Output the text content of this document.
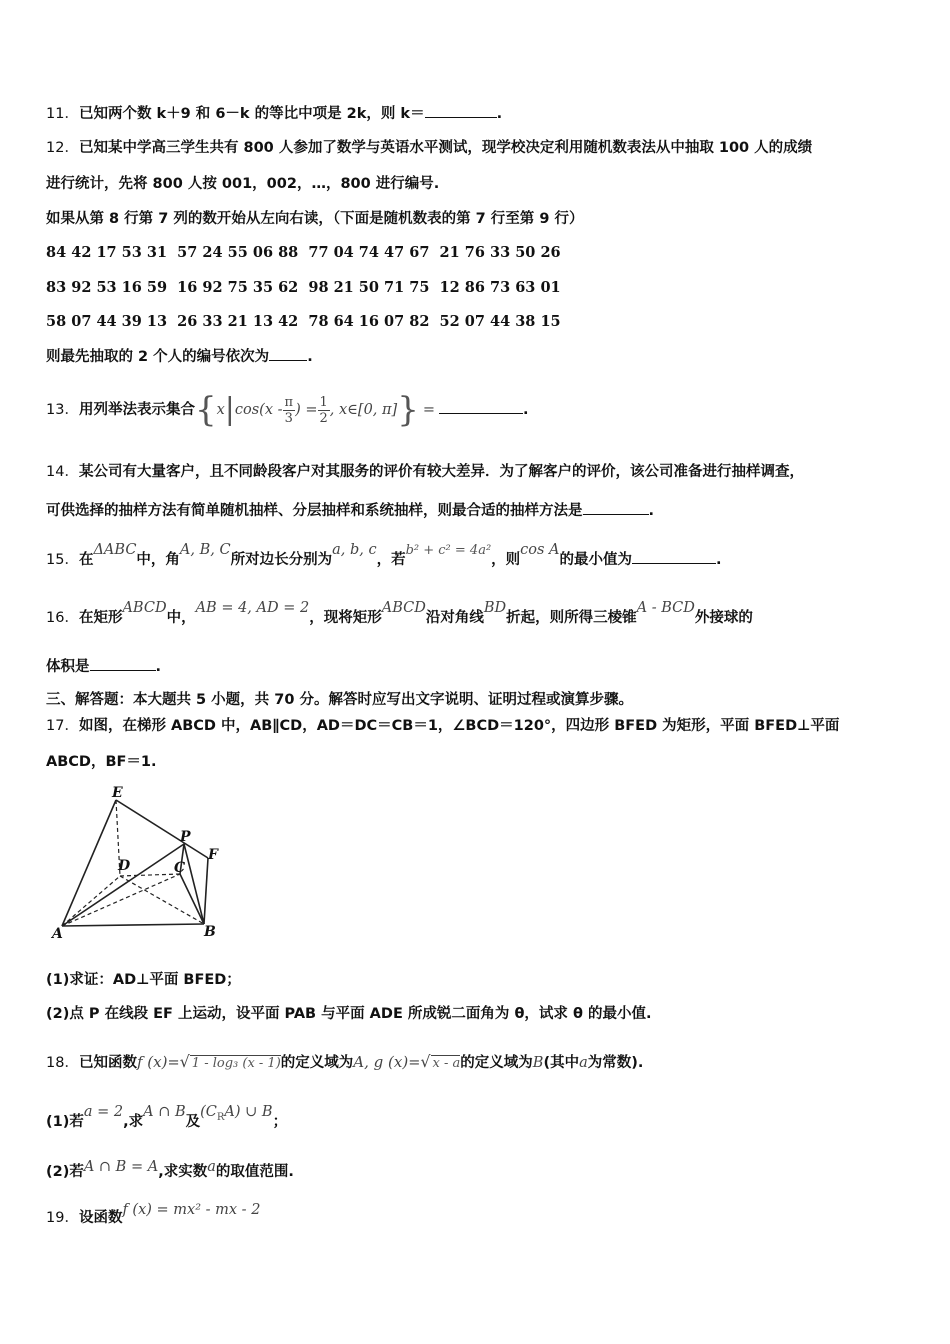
11．已知两个数 k＋9 和 6－k 的等比中项是 2k，则 k＝	.
12．已知某中学高三学生共有 800 人参加了数学与英语水平测试，现学校决定利用随机数表法从中抽取 100 人的成绩
进行统计，先将 800 人按 001，002，…，800 进行编号.
如果从第 8 行第 7 列的数开始从左向右读，（下面是随机数表的第 7 行至第 9 行）
84 42 17 53 31  57 24 55 06 88  77 04 74 47 67  21 76 33 50 26
83 92 53 16 59  16 92 75 35 62  98 21 50 71 75  12 86 73 63 01
58 07 44 39 13  26 33 21 13 42  78 64 16 07 82  52 07 44 38 15
则最先抽取的 2 个人的编号依次为	.
13．用列举法表示集合{$x|\cos(x - \frac{\pi}{3}$ ) = $\frac{1}{2}$ , x∈[0, π]} =	.
14．某公司有大量客户，且不同龄段客户对其服务的评价有较大差异．为了解客户的评价，该公司准备进行抽样调查，
可供选择的抽样方法有简单随机抽样、分层抽样和系统抽样，则最合适的抽样方法是	.
15．在ΔABC中，角A, B, C所对边长分别为a, b, c，若b² + c² = 4a²，则cos A的最小值为	.
16．在矩形ABCD中，AB = 4, AD = 2，现将矩形ABCD沿对角线BD折起，则所得三棱锥A - BCD外接球的
体积是	.
三、解答题：本大题共 5 小题，共 70 分。解答时应写出文字说明、证明过程或演算步骤。
17．如图，在梯形 ABCD 中，AB∥CD，AD＝DC＝CB＝1，∠BCD＝120°，四边形 BFED 为矩形，平面 BFED⊥平面
ABCD，BF＝1.
E
P
F
D	C
A	B
(1)求证：AD⊥平面 BFED；
(2)点 P 在线段 EF 上运动，设平面 PAB 与平面 ADE 所成锐二面角为 θ，试求 θ 的最小值.
18．已知函数f (x)=√ 1 - log₃ (x - 1)的定义域为A, g (x)=√ x - a的定义域为B(其中a为常数).
(1)若a = 2,求A ∩ B及$(C^RA)$ ∪ B；
(2)若A ∩ B = A,求实数a的取值范围.
19．设函数f (x) = mx² - mx - 2
